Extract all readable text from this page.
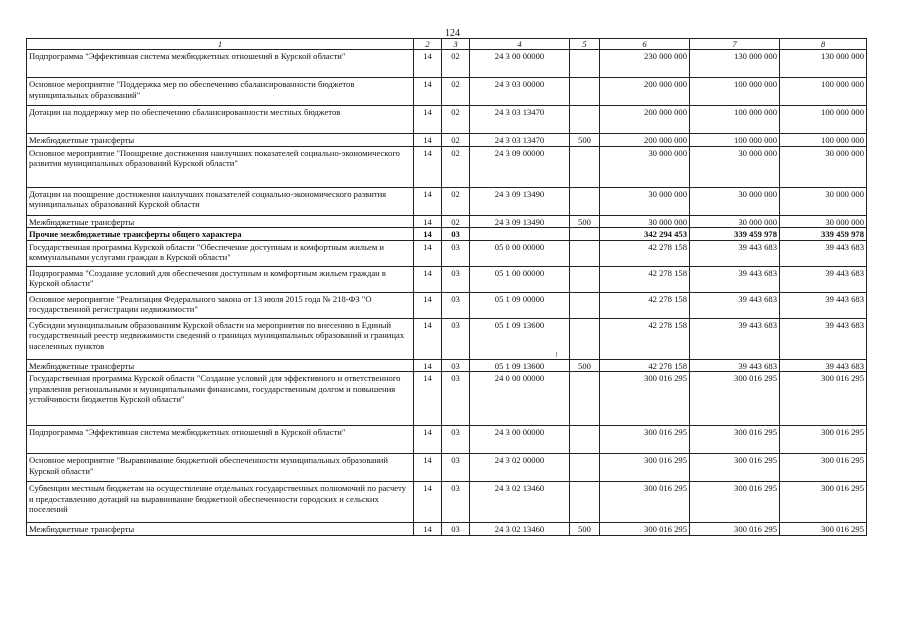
124
1	2	3	4	5	6	7	8
Подпрограмма "Эффективная система межбюджетных отношений в Курской области"	14	02	24 3 00 00000		230 000 000	130 000 000	130 000 000
Основное мероприятие "Поддержка мер по обеспечению сбалансированности бюджетов муниципальных образований"	14	02	24 3 03 00000		200 000 000	100 000 000	100 000 000
Дотации на поддержку мер по обеспечению сбалансированности местных бюджетов	14	02	24 3 03 13470		200 000 000	100 000 000	100 000 000
Межбюджетные трансферты	14	02	24 3 03 13470	500	200 000 000	100 000 000	100 000 000
Основное мероприятие "Поощрение достижения наилучших показателей социально-экономического развития муниципальных образований Курской области"	14	02	24 3 09 00000		30 000 000	30 000 000	30 000 000
Дотации на поощрение достижения наилучших показателей социально-экономического развития муниципальных образований Курской области	14	02	24 3 09 13490		30 000 000	30 000 000	30 000 000
Межбюджетные трансферты	14	02	24 3 09 13490	500	30 000 000	30 000 000	30 000 000
Прочие межбюджетные трансферты общего характера	14	03			342 294 453	339 459 978	339 459 978
Государственная программа Курской области "Обеспечение доступным и комфортным жильем и коммунальными услугами граждан в Курской области"	14	03	05 0 00 00000		42 278 158	39 443 683	39 443 683
Подпрограмма "Создание условий для обеспечения доступным и комфортным жильем граждан в Курской области"	14	03	05 1 00 00000		42 278 158	39 443 683	39 443 683
Основное мероприятие "Реализация Федерального закона от 13 июля 2015 года № 218-ФЗ "О государственной регистрации недвижимости"	14	03	05 1 09 00000		42 278 158	39 443 683	39 443 683
Субсидии муниципальным образованиям Курской области на мероприятия по внесению в Единый государственный реестр недвижимости сведений о границах муниципальных образований и границах населенных пунктов	14	03	05 1 09 13600		42 278 158	39 443 683	39 443 683
Межбюджетные трансферты	14	03	05 1 09 13600	500	42 278 158	39 443 683	39 443 683
Государственная программа Курской области "Создание условий для эффективного и ответственного управления региональными и муниципальными финансами, государственным долгом и повышения устойчивости бюджетов Курской области"	14	03	24 0 00 00000		300 016 295	300 016 295	300 016 295
Подпрограмма "Эффективная система межбюджетных отношений в Курской области"	14	03	24 3 00 00000		300 016 295	300 016 295	300 016 295
Основное мероприятие "Выравнивание бюджетной обеспеченности муниципальных образований Курской области"	14	03	24 3 02 00000		300 016 295	300 016 295	300 016 295
Субвенции местным бюджетам на осуществление отдельных государственных полномочий по расчету и предоставлению дотаций на выравнивание бюджетной обеспеченности городских и сельских поселений	14	03	24 3 02 13460		300 016 295	300 016 295	300 016 295
Межбюджетные трансферты	14	03	24 3 02 13460	500	300 016 295	300 016 295	300 016 295
